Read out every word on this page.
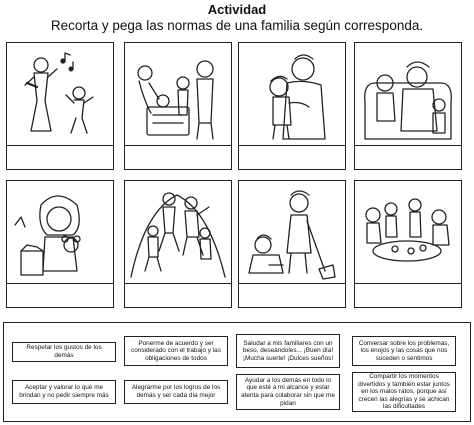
Actividad
Recorta y pega las normas de una familia según corresponda.
Respetar los gustos de los demás
Ponerme de acuerdo y ser considerado con el trabajo y las obligaciones de todos
Saludar a mis familiares con un beso, deseándoles... ¡Buen día! ¡Mucha suerte! ¡Dulces sueños!
Conversar sobre los problemas, los enojos y las cosas que nos suceden o sentimos
Aceptar y valorar lo que me brindan y no pedir siempre más
Alegrarme por los logros de los demás y ser cada día mejor
Ayudar a los demás en todo lo que esté a mi alcance y estar atenta para colaborar sin que me pidan
Compartir los momentos divertidos y también estar juntos en los malos ratos, porque así crecen las alegrías y se achican las dificultades
